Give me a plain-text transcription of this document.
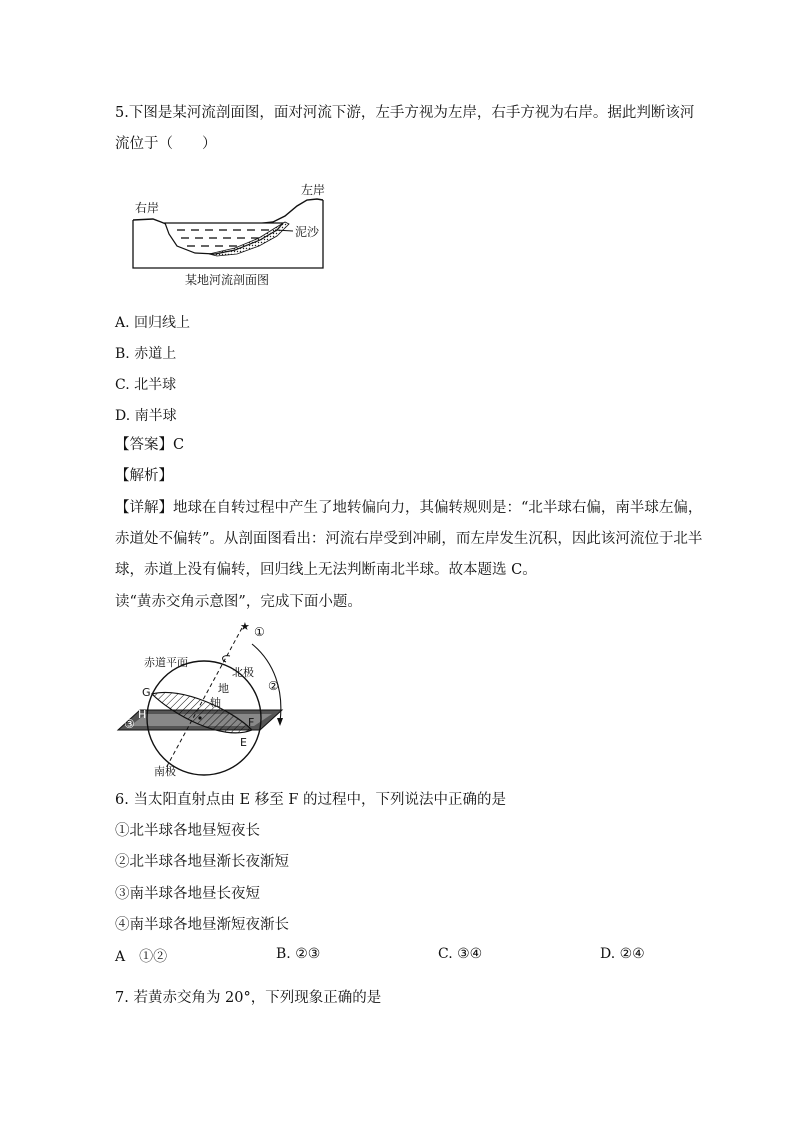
5.下图是某河流剖面图，面对河流下游，左手方视为左岸，右手方视为右岸。据此判断该河
流位于（　　）
右岸
左岸
泥沙
某地河流剖面图
A. 回归线上
B. 赤道上
C. 北半球
D. 南半球
【答案】C
【解析】
【详解】地球在自转过程中产生了地转偏向力，其偏转规则是：“北半球右偏，南半球左偏，
赤道处不偏转”。从剖面图看出：河流右岸受到冲刷，而左岸发生沉积，因此该河流位于北半
球，赤道上没有偏转，回归线上无法判断南北半球。故本题选 C。
读“黄赤交角示意图”，完成下面小题。
★ ①
②
③
赤道平面
北极
南极
地
轴
G
H
E
F
6. 当太阳直射点由 E 移至 F 的过程中，下列说法中正确的是
①北半球各地昼短夜长
②北半球各地昼渐长夜渐短
③南半球各地昼长夜短
④南半球各地昼渐短夜渐长
A　①②	B. ②③	C. ③④	D. ②④
7. 若黄赤交角为 20°，下列现象正确的是
